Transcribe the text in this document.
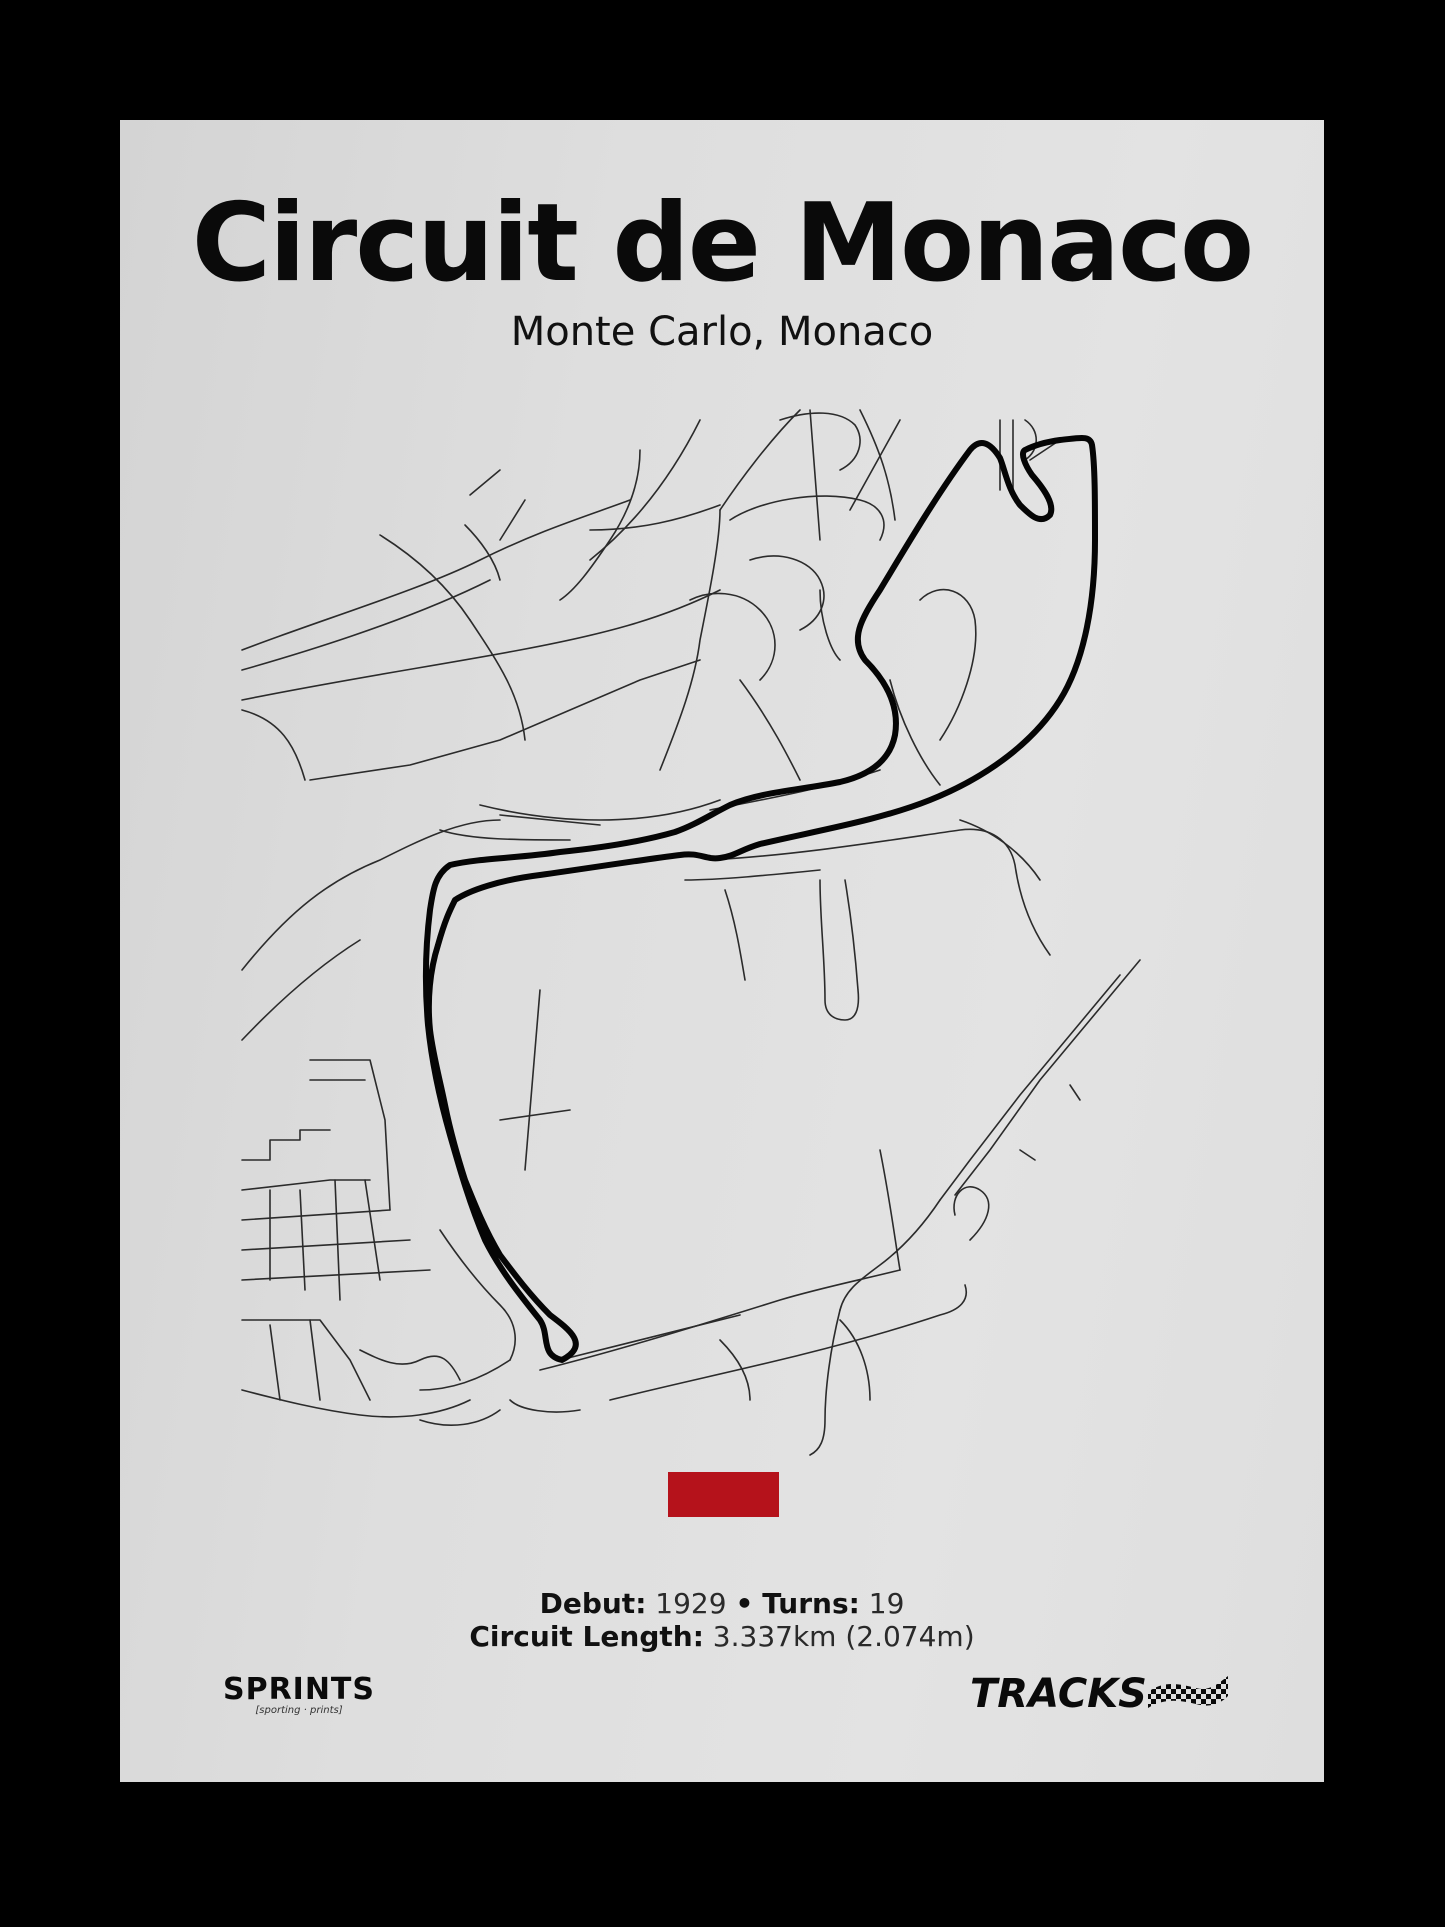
Circuit de Monaco
Monte Carlo, Monaco
Debut: 1929 • Turns: 19
Circuit Length: 3.337km (2.074m)
SPRINTS
[sporting · prints]	TRACKS
